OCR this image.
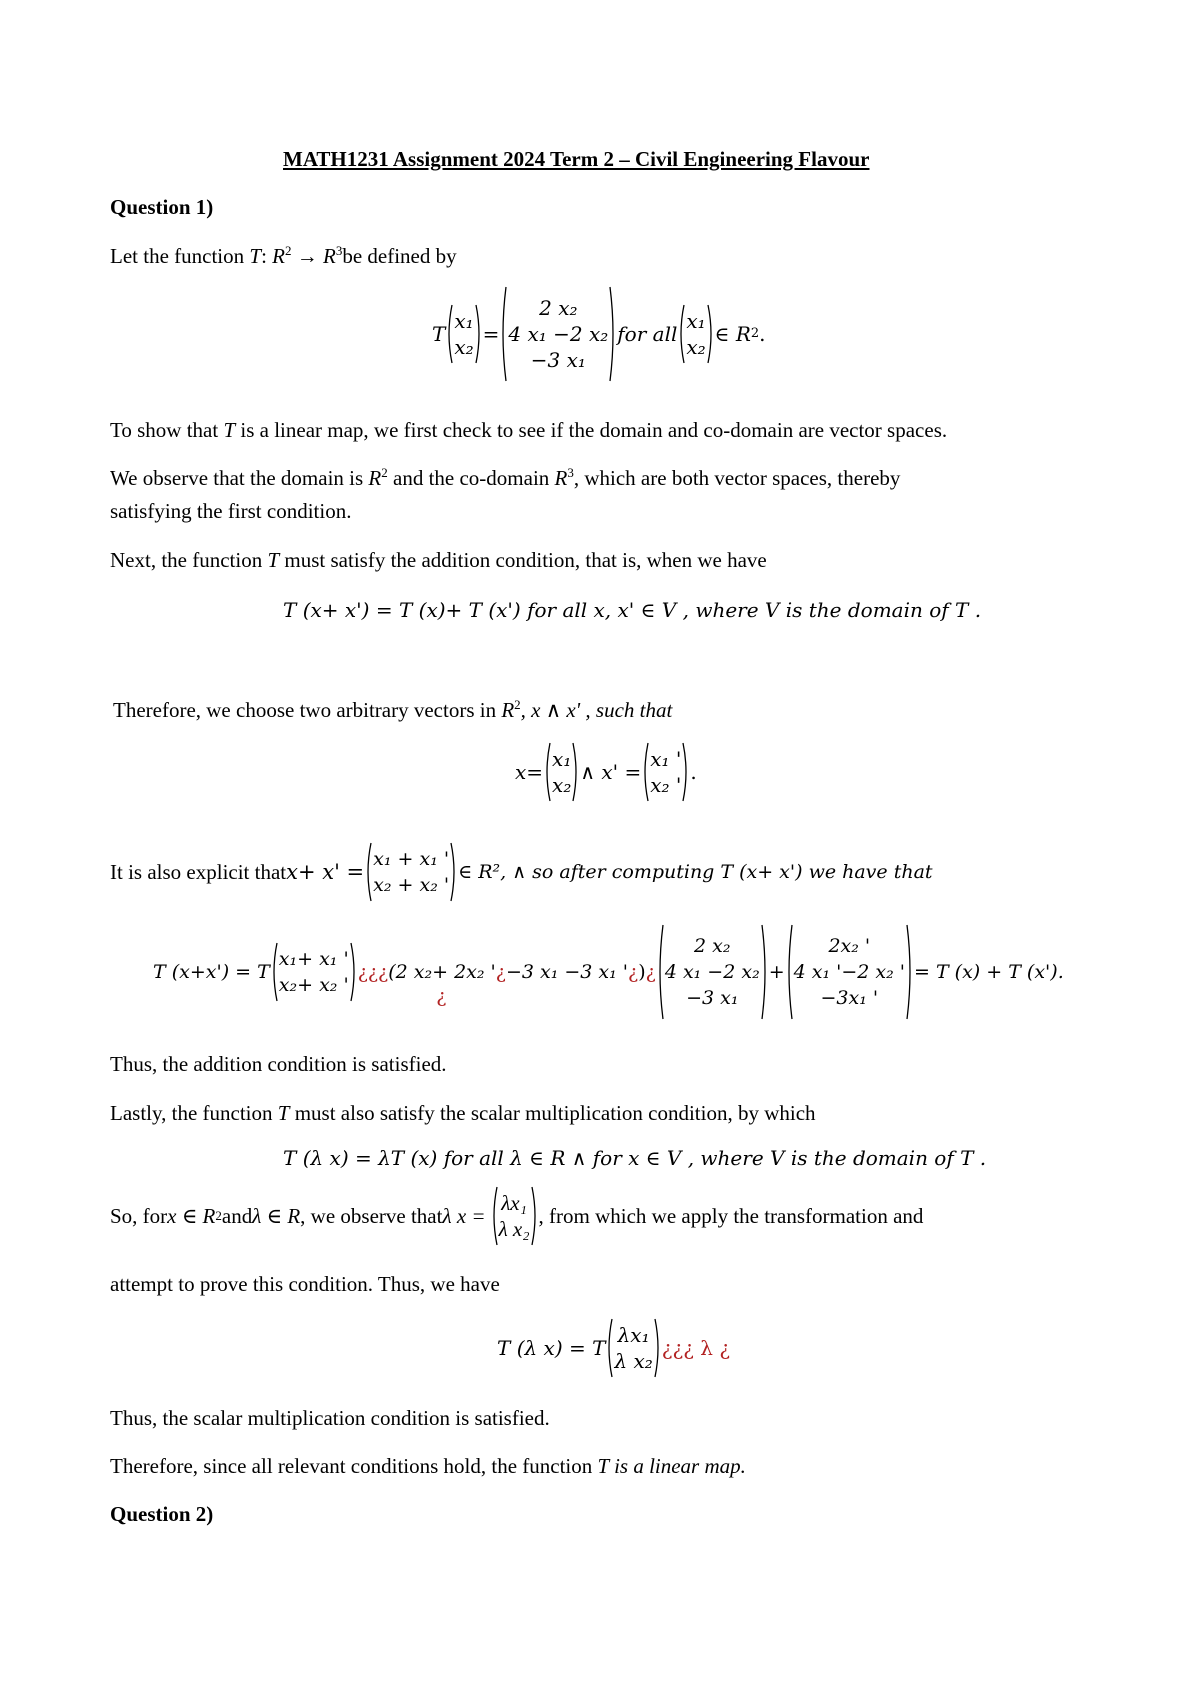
MATH1231 Assignment 2024 Term 2 – Civil Engineering Flavour
Question 1)
Let the function T: $R^2 \to R^3be$ defined by
T
x₁
x₂
=
2 x₂
4 x₁ −2 x₂
−3 x₁
for all
x₁
x₂
∈ R 2 .
To show that T is a linear map, we first check to see if the domain and co-domain are vector spaces.
We observe that the domain is $R^2$ and the co-domain $R^3$, which are both vector spaces, thereby
satisfying the first condition.
Next, the function T must satisfy the addition condition, that is, when we have
T (x+ x') = T (x)+ T (x') for all x, x' ∈ V , where V is the domain of T .
Therefore, we choose two arbitrary vectors in $R^2$, x ∧ x' , such that
x=
x₁
x₂
∧ x' =
x₁ '
x₂ '
.
It is also explicit that x+ x' =
x₁ + x₁ '
x₂ + x₂ '
∈ R², ∧ so after computing T (x+ x') we have that
T (x+x') = T
x₁+ x₁ '
x₂+ x₂ '
¿¿¿ (2 x₂+ 2x₂ '
¿
¿ −3 x₁ −3 x₁ ' ¿ ) ¿
2 x₂
4 x₁ −2 x₂
−3 x₁
+
2x₂ '
4 x₁ '−2 x₂ '
−3x₁ '
= T (x) + T (x').
Thus, the addition condition is satisfied.
Lastly, the function T must also satisfy the scalar multiplication condition, by which
T (λ x) = λT (x) for all λ ∈ R ∧ for x ∈ V , where V is the domain of T .
So, for x ∈ R 2 and λ ∈ R , we observe that λ x =
λx₁
λ x₂
, from which we apply the transformation and
attempt to prove this condition. Thus, we have
T (λ x) = T
λx₁
λ x₂
¿¿¿ λ ¿
Thus, the scalar multiplication condition is satisfied.
Therefore, since all relevant conditions hold, the function T is a linear map.
Question 2)
